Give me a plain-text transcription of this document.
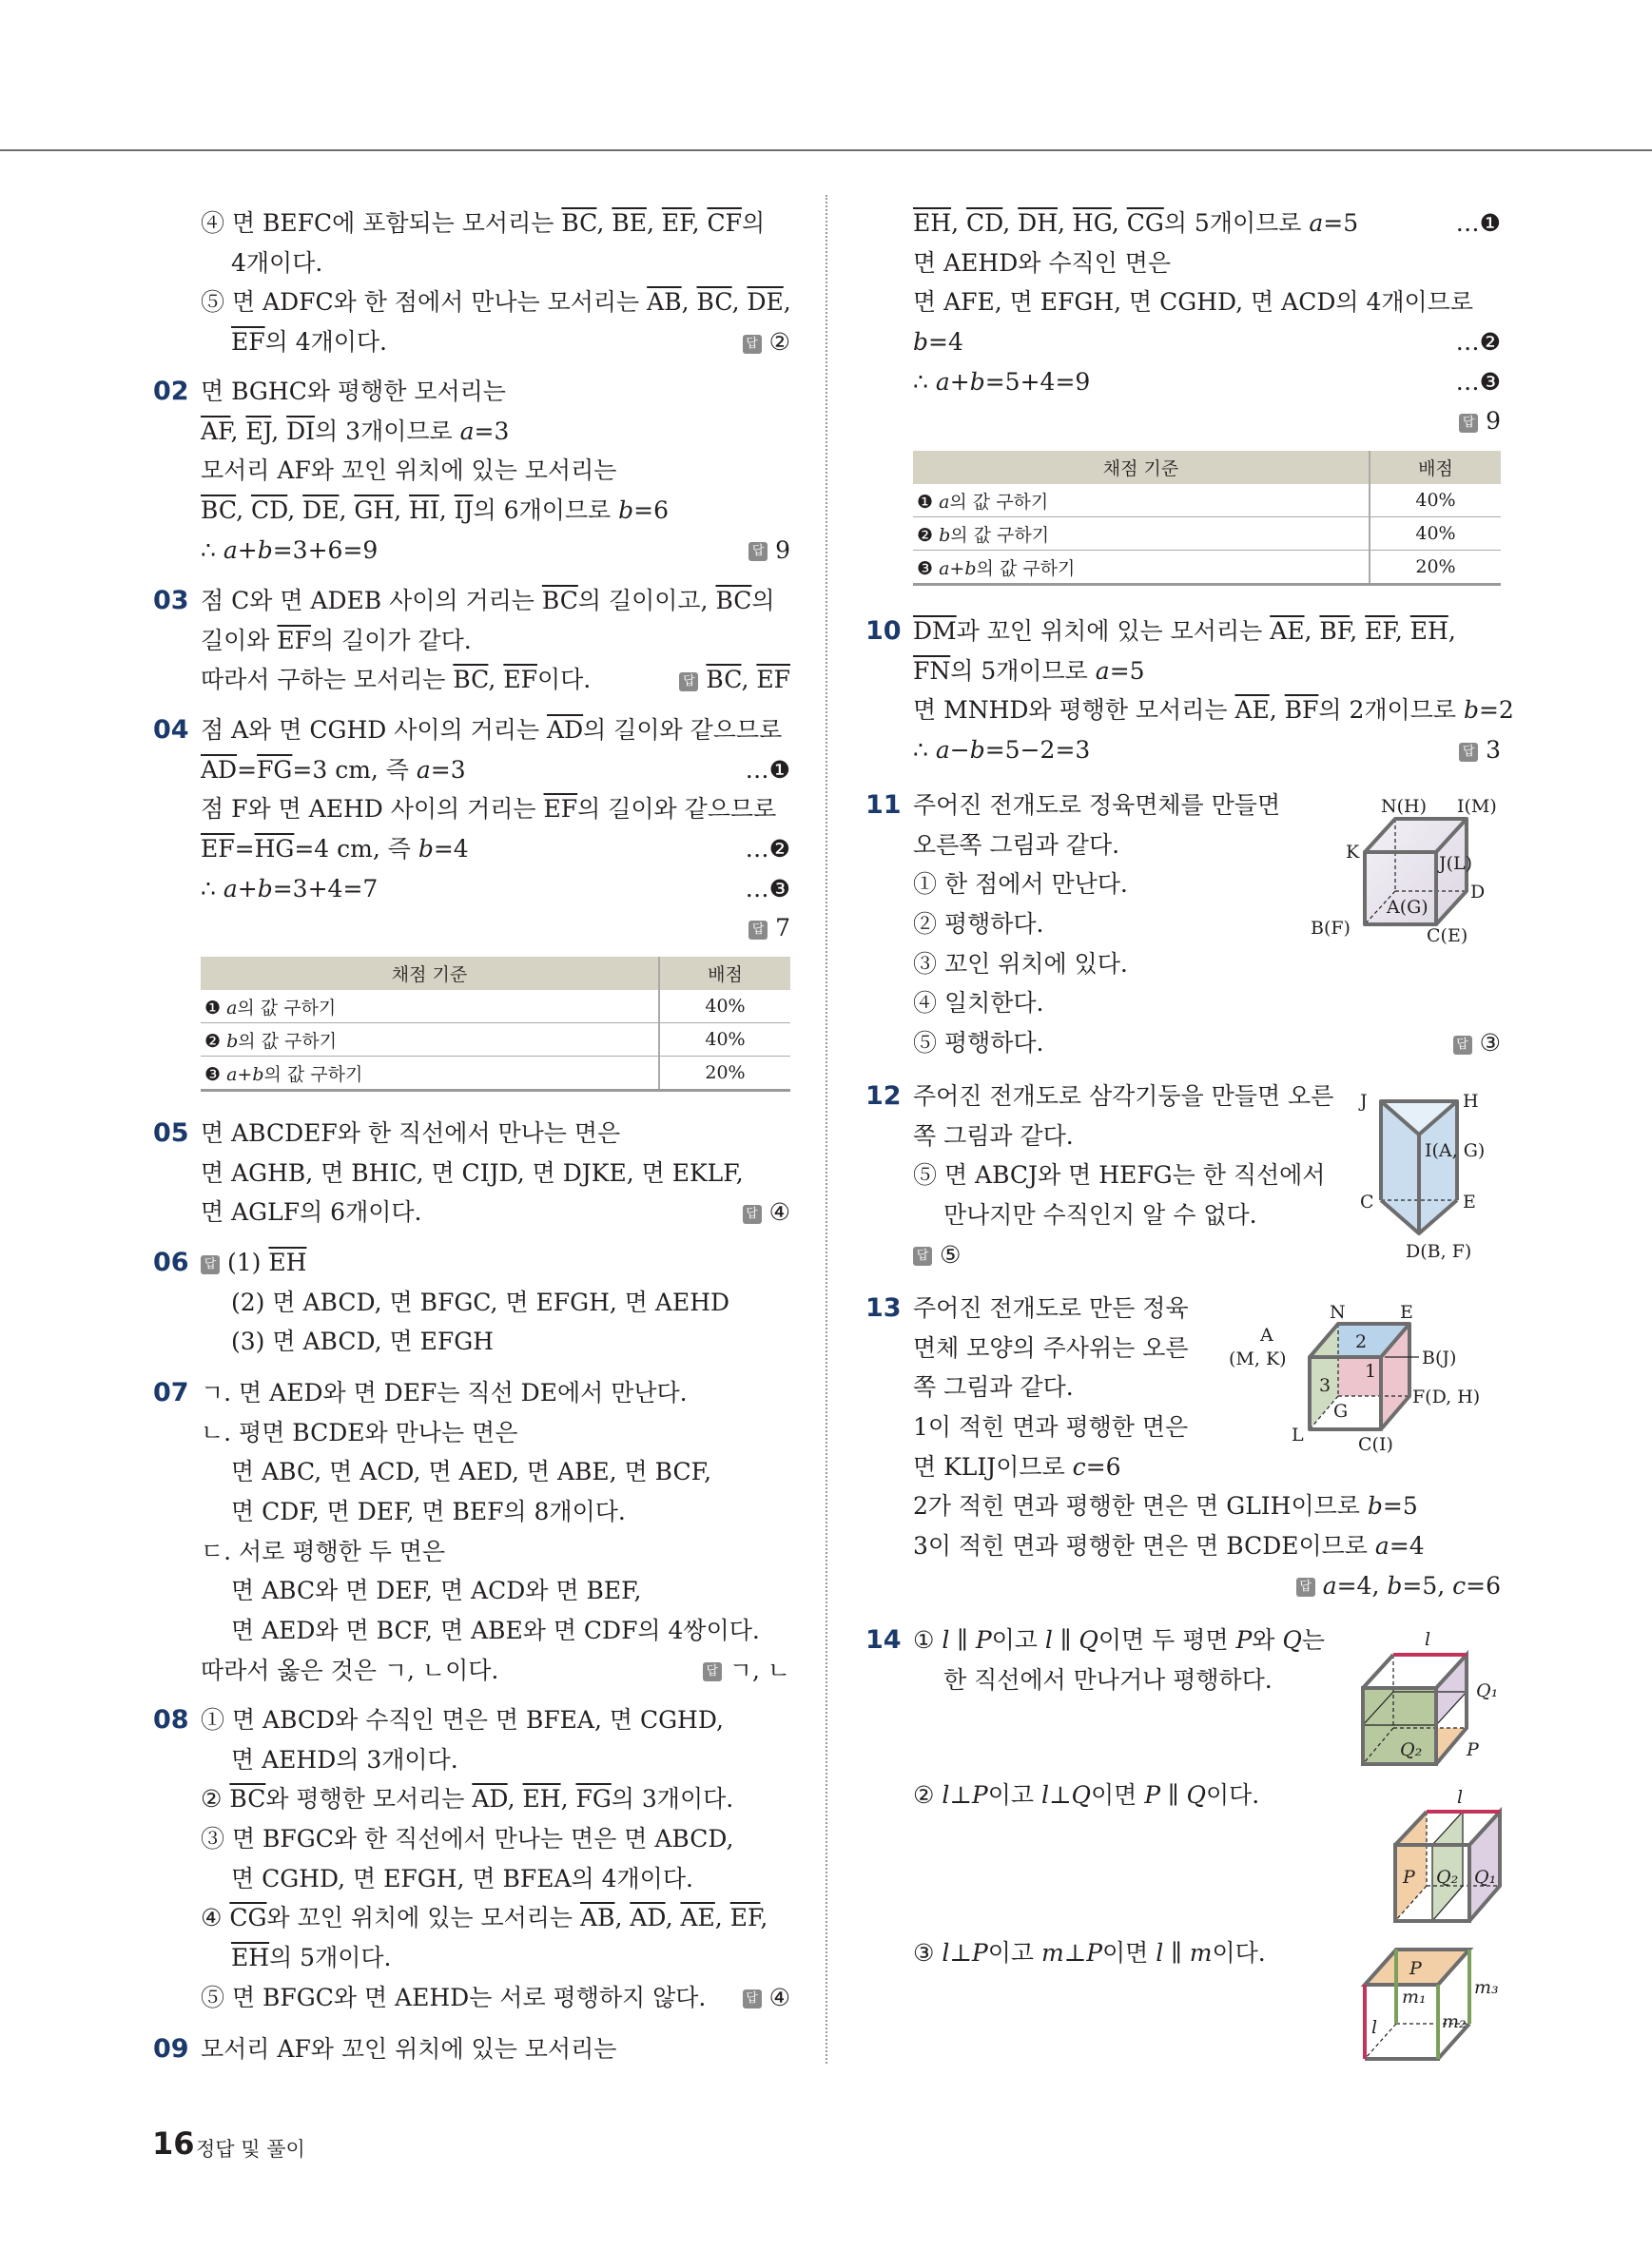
④ 면 BEFC에 포함되는 모서리는 $\overline{BC}$, $\overline{BE}$, $\overline{EF}$, $\overline{CF}$의
4개이다.
⑤ 면 ADFC와 한 점에서 만나는 모서리는 $\overline{AB}$, $\overline{BC}$, $\overline{DE}$,
$\overline{EF}$의 4개이다.	답 ②
02 면 BGHC와 평행한 모서리는
$\overline{AF}$, $\overline{EJ}$, $\overline{DI}$의 3개이므로 a=3
모서리 AF와 꼬인 위치에 있는 모서리는
$\overline{BC}$, $\overline{CD}$, $\overline{DE}$, $\overline{GH}$, $\overline{HI}$, $\overline{IJ}$의 6개이므로 b=6
∴ a+b=3+6=9	답 9
03 점 C와 면 ADEB 사이의 거리는 $\overline{BC}$의 길이이고, $\overline{BC}$의
길이와 $\overline{EF}$의 길이가 같다.
따라서 구하는 모서리는 $\overline{BC}$, $\overline{EF}$이다.	답 $\overline{BC}$, $\overline{EF}$
04 점 A와 면 CGHD 사이의 거리는 $\overline{AD}$의 길이와 같으므로
$\overline{AD}=\overline{FG}=3$ cm, 즉 a=3	…❶
점 F와 면 AEHD 사이의 거리는 $\overline{EF}$의 길이와 같으므로
$\overline{EF}=\overline{HG}=4$ cm, 즉 b=4	…❷
∴ a+b=3+4=7	…❸
답 7
채점 기준	배점
❶ a의 값 구하기	40%
❷ b의 값 구하기	40%
❸ a+b의 값 구하기	20%
05 면 ABCDEF와 한 직선에서 만나는 면은
면 AGHB, 면 BHIC, 면 CIJD, 면 DJKE, 면 EKLF,
면 AGLF의 6개이다.	답 ④
06 답 (1) $\overline{EH}$
(2) 면 ABCD, 면 BFGC, 면 EFGH, 면 AEHD
(3) 면 ABCD, 면 EFGH
07 ㄱ. 면 AED와 면 DEF는 직선 DE에서 만난다.
ㄴ. 평면 BCDE와 만나는 면은
면 ABC, 면 ACD, 면 AED, 면 ABE, 면 BCF,
면 CDF, 면 DEF, 면 BEF의 8개이다.
ㄷ. 서로 평행한 두 면은
면 ABC와 면 DEF, 면 ACD와 면 BEF,
면 AED와 면 BCF, 면 ABE와 면 CDF의 4쌍이다.
따라서 옳은 것은 ㄱ, ㄴ이다.	답 ㄱ, ㄴ
08 ① 면 ABCD와 수직인 면은 면 BFEA, 면 CGHD,
면 AEHD의 3개이다.
② $\overline{BC}$와 평행한 모서리는 $\overline{AD}$, $\overline{EH}$, $\overline{FG}$의 3개이다.
③ 면 BFGC와 한 직선에서 만나는 면은 면 ABCD,
면 CGHD, 면 EFGH, 면 BFEA의 4개이다.
④ $\overline{CG}$와 꼬인 위치에 있는 모서리는 $\overline{AB}$, $\overline{AD}$, $\overline{AE}$, $\overline{EF}$,
$\overline{EH}$의 5개이다.
⑤ 면 BFGC와 면 AEHD는 서로 평행하지 않다.	답 ④
09 모서리 AF와 꼬인 위치에 있는 모서리는
$\overline{EH}$, $\overline{CD}$, $\overline{DH}$, $\overline{HG}$, $\overline{CG}$의 5개이므로 a=5	…❶
면 AEHD와 수직인 면은
면 AFE, 면 EFGH, 면 CGHD, 면 ACD의 4개이므로
b=4	…❷
∴ a+b=5+4=9	…❸
답 9
채점 기준	배점
❶ a의 값 구하기	40%
❷ b의 값 구하기	40%
❸ a+b의 값 구하기	20%
10 $\overline{DM}$과 꼬인 위치에 있는 모서리는 $\overline{AE}$, $\overline{BF}$, $\overline{EF}$, $\overline{EH}$,
$\overline{FN}$의 5개이므로 a=5
면 MNHD와 평행한 모서리는 $\overline{AE}$, $\overline{BF}$의 2개이므로 b=2
∴ a−b=5−2=3	답 3
11 주어진 전개도로 정육면체를 만들면
오른쪽 그림과 같다.
① 한 점에서 만난다.
② 평행하다.
③ 꼬인 위치에 있다.
④ 일치한다.
⑤ 평행하다.	답 ③
12 주어진 전개도로 삼각기둥을 만들면 오른
쪽 그림과 같다.
⑤ 면 ABCJ와 면 HEFG는 한 직선에서
만나지만 수직인지 알 수 없다.
답 ⑤
13 주어진 전개도로 만든 정육
면체 모양의 주사위는 오른
쪽 그림과 같다.
1이 적힌 면과 평행한 면은
면 KLIJ이므로 c=6
2가 적힌 면과 평행한 면은 면 GLIH이므로 b=5
3이 적힌 면과 평행한 면은 면 BCDE이므로 a=4
답 a=4, b=5, c=6
14 ① l ∥ P이고 l ∥ Q이면 두 평면 P와 Q는
한 직선에서 만나거나 평행하다.
② l⊥P이고 l⊥Q이면 P ∥ Q이다.
③ l⊥P이고 m⊥P이면 l ∥ m이다.
N(H) I(M)
K
J(L)
D
A(G)
B(F)	C(E)
J	H
I(A, G)
C	E
D(B, F)
2
1
3
A
(M, K)
N	E
B(J)
F(D, H)
G
L	C(I)
l
Q₁
P
Q₂
l
P Q₂ Q₁
P
m₁
m₂
m₃
l
16 정답 및 풀이
